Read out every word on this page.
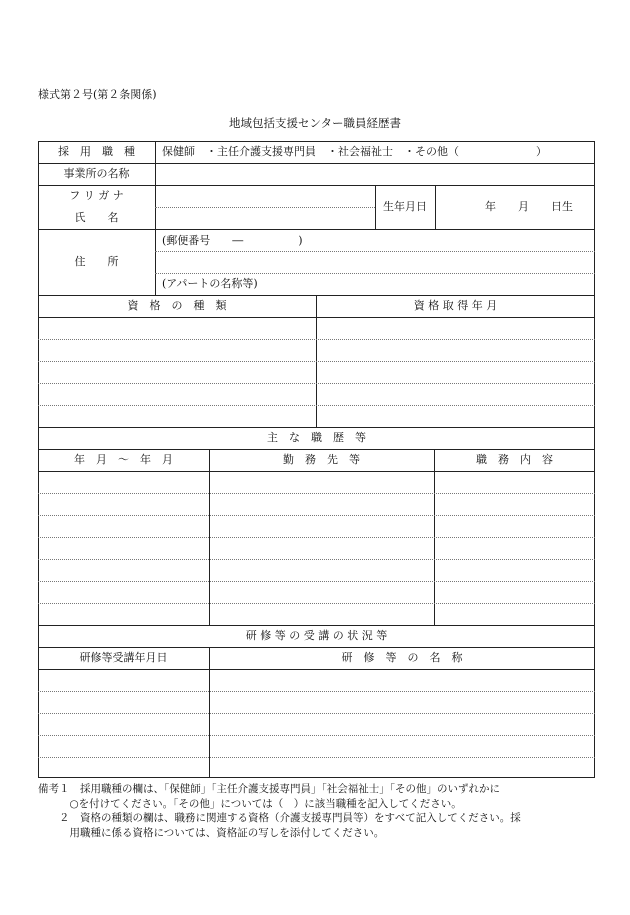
様式第２号(第２条関係)
地域包括支援センター職員経歴書
採　用　職　種	保健師　・主任介護支援専門員　・社会福祉士　・その他（　　　　　　　）
事業所の名称
フ リ ガ ナ
氏　　名
生年月日	年　　月　　日生
住　　所
(郵便番号　　―　　　　　)
(アパートの名称等)
資　格　の　種　類	資 格 取 得 年 月
主　な　職　歴　等
年　月　～　年　月	勤　務　先　等	職　務　内　容
研 修 等 の 受 講 の 状 況 等
研修等受講年月日	研　修　等　の　名　称
備考１　採用職種の欄は、「保健師」「主任介護支援専門員」「社会福祉士」「その他」のいずれかに
　　　○を付けてください。「その他」については（　）に該当職種を記入してください。
　　２　資格の種類の欄は、職務に関連する資格（介護支援専門員等）をすべて記入してください。採
　　　用職種に係る資格については、資格証の写しを添付してください。
